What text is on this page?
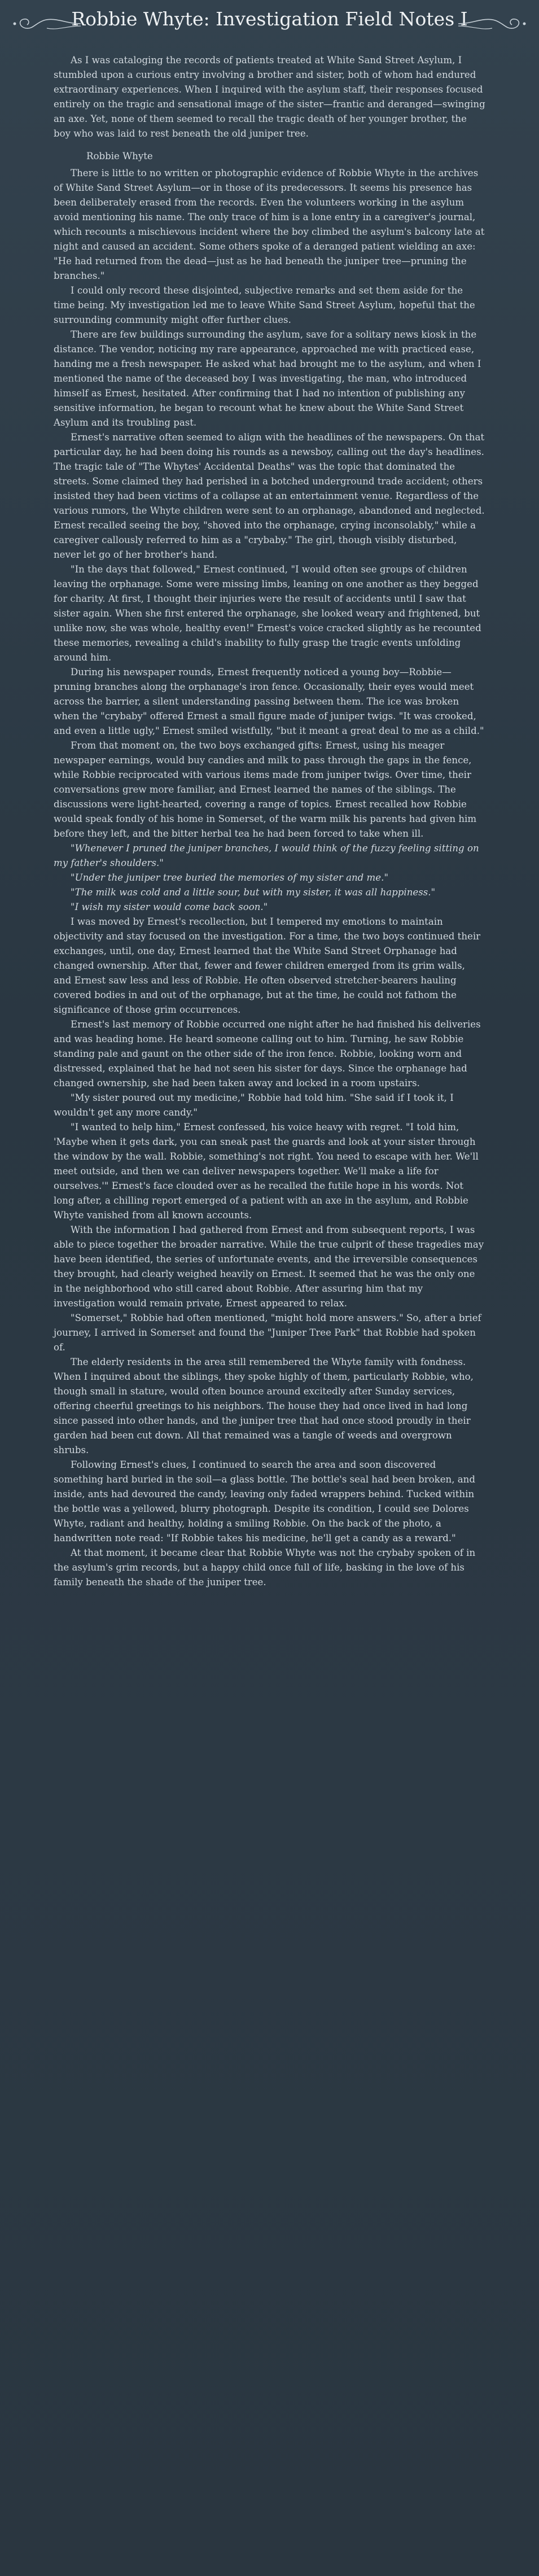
Robbie Whyte: Investigation Field Notes I

As I was cataloging the records of patients treated at White Sand Street Asylum, I stumbled upon a curious entry involving a brother and sister, both of whom had endured extraordinary experiences. When I inquired with the asylum staff, their responses focused entirely on the tragic and sensational image of the sister—frantic and deranged—swinging an axe. Yet, none of them seemed to recall the tragic death of her younger brother, the boy who was laid to rest beneath the old juniper tree.

Robbie Whyte

There is little to no written or photographic evidence of Robbie Whyte in the archives of White Sand Street Asylum—or in those of its predecessors. It seems his presence has been deliberately erased from the records. Even the volunteers working in the asylum avoid mentioning his name. The only trace of him is a lone entry in a caregiver's journal, which recounts a mischievous incident where the boy climbed the asylum's balcony late at night and caused an accident. Some others spoke of a deranged patient wielding an axe: "He had returned from the dead—just as he had beneath the juniper tree—pruning the branches."

I could only record these disjointed, subjective remarks and set them aside for the time being. My investigation led me to leave White Sand Street Asylum, hopeful that the surrounding community might offer further clues.

There are few buildings surrounding the asylum, save for a solitary news kiosk in the distance. The vendor, noticing my rare appearance, approached me with practiced ease, handing me a fresh newspaper. He asked what had brought me to the asylum, and when I mentioned the name of the deceased boy I was investigating, the man, who introduced himself as Ernest, hesitated. After confirming that I had no intention of publishing any sensitive information, he began to recount what he knew about the White Sand Street Asylum and its troubling past.

Ernest's narrative often seemed to align with the headlines of the newspapers. On that particular day, he had been doing his rounds as a newsboy, calling out the day's headlines. The tragic tale of "The Whytes' Accidental Deaths" was the topic that dominated the streets. Some claimed they had perished in a botched underground trade accident; others insisted they had been victims of a collapse at an entertainment venue. Regardless of the various rumors, the Whyte children were sent to an orphanage, abandoned and neglected. Ernest recalled seeing the boy, "shoved into the orphanage, crying inconsolably," while a caregiver callously referred to him as a "crybaby." The girl, though visibly disturbed, never let go of her brother's hand.

"In the days that followed," Ernest continued, "I would often see groups of children leaving the orphanage. Some were missing limbs, leaning on one another as they begged for charity. At first, I thought their injuries were the result of accidents until I saw that sister again. When she first entered the orphanage, she looked weary and frightened, but unlike now, she was whole, healthy even!" Ernest's voice cracked slightly as he recounted these memories, revealing a child's inability to fully grasp the tragic events unfolding around him.

During his newspaper rounds, Ernest frequently noticed a young boy—Robbie—pruning branches along the orphanage's iron fence. Occasionally, their eyes would meet across the barrier, a silent understanding passing between them. The ice was broken when the "crybaby" offered Ernest a small figure made of juniper twigs. "It was crooked, and even a little ugly," Ernest smiled wistfully, "but it meant a great deal to me as a child."

From that moment on, the two boys exchanged gifts: Ernest, using his meager newspaper earnings, would buy candies and milk to pass through the gaps in the fence, while Robbie reciprocated with various items made from juniper twigs. Over time, their conversations grew more familiar, and Ernest learned the names of the siblings. The discussions were light-hearted, covering a range of topics. Ernest recalled how Robbie would speak fondly of his home in Somerset, of the warm milk his parents had given him before they left, and the bitter herbal tea he had been forced to take when ill.

"Whenever I pruned the juniper branches, I would think of the fuzzy feeling sitting on my father's shoulders."

"Under the juniper tree buried the memories of my sister and me."

"The milk was cold and a little sour, but with my sister, it was all happiness."

"I wish my sister would come back soon."

I was moved by Ernest's recollection, but I tempered my emotions to maintain objectivity and stay focused on the investigation. For a time, the two boys continued their exchanges, until, one day, Ernest learned that the White Sand Street Orphanage had changed ownership. After that, fewer and fewer children emerged from its grim walls, and Ernest saw less and less of Robbie. He often observed stretcher-bearers hauling covered bodies in and out of the orphanage, but at the time, he could not fathom the significance of those grim occurrences.

Ernest's last memory of Robbie occurred one night after he had finished his deliveries and was heading home. He heard someone calling out to him. Turning, he saw Robbie standing pale and gaunt on the other side of the iron fence. Robbie, looking worn and distressed, explained that he had not seen his sister for days. Since the orphanage had changed ownership, she had been taken away and locked in a room upstairs.

"My sister poured out my medicine," Robbie had told him. "She said if I took it, I wouldn't get any more candy."

"I wanted to help him," Ernest confessed, his voice heavy with regret. "I told him, 'Maybe when it gets dark, you can sneak past the guards and look at your sister through the window by the wall. Robbie, something's not right. You need to escape with her. We'll meet outside, and then we can deliver newspapers together. We'll make a life for ourselves.'" Ernest's face clouded over as he recalled the futile hope in his words. Not long after, a chilling report emerged of a patient with an axe in the asylum, and Robbie Whyte vanished from all known accounts.

With the information I had gathered from Ernest and from subsequent reports, I was able to piece together the broader narrative. While the true culprit of these tragedies may have been identified, the series of unfortunate events, and the irreversible consequences they brought, had clearly weighed heavily on Ernest. It seemed that he was the only one in the neighborhood who still cared about Robbie. After assuring him that my investigation would remain private, Ernest appeared to relax.

"Somerset," Robbie had often mentioned, "might hold more answers." So, after a brief journey, I arrived in Somerset and found the "Juniper Tree Park" that Robbie had spoken of.

The elderly residents in the area still remembered the Whyte family with fondness. When I inquired about the siblings, they spoke highly of them, particularly Robbie, who, though small in stature, would often bounce around excitedly after Sunday services, offering cheerful greetings to his neighbors. The house they had once lived in had long since passed into other hands, and the juniper tree that had once stood proudly in their garden had been cut down. All that remained was a tangle of weeds and overgrown shrubs.

Following Ernest's clues, I continued to search the area and soon discovered something hard buried in the soil—a glass bottle. The bottle's seal had been broken, and inside, ants had devoured the candy, leaving only faded wrappers behind. Tucked within the bottle was a yellowed, blurry photograph. Despite its condition, I could see Dolores Whyte, radiant and healthy, holding a smiling Robbie. On the back of the photo, a handwritten note read: "If Robbie takes his medicine, he'll get a candy as a reward."

At that moment, it became clear that Robbie Whyte was not the crybaby spoken of in the asylum's grim records, but a happy child once full of life, basking in the love of his family beneath the shade of the juniper tree.
